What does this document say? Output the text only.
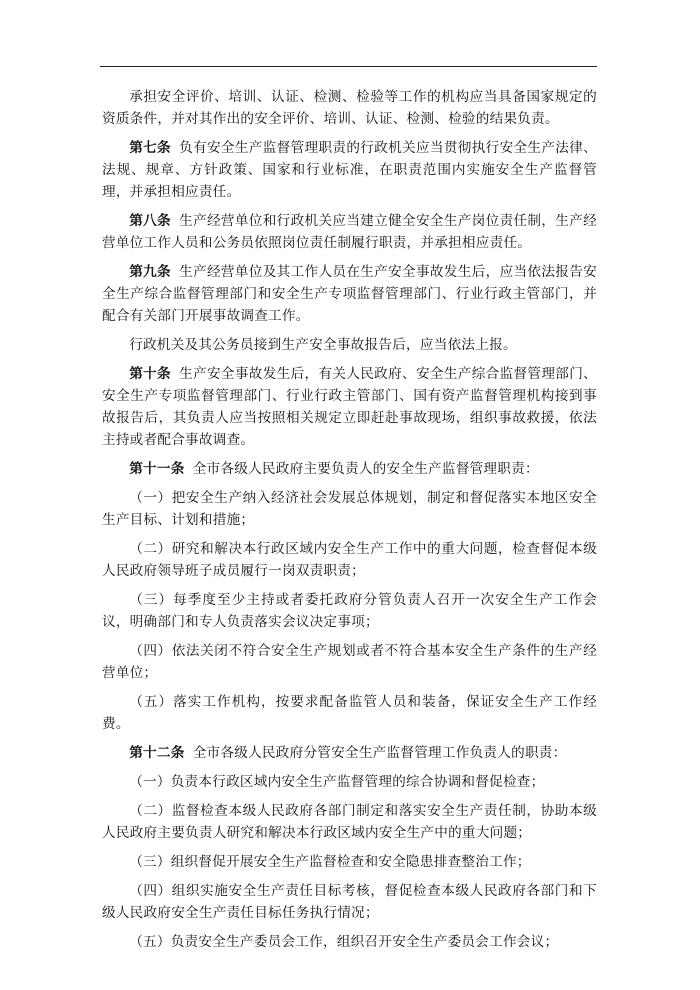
承担安全评价、培训、认证、检测、检验等工作的机构应当具备国家规定的资质条件，并对其作出的安全评价、培训、认证、检测、检验的结果负责。

第七条 负有安全生产监督管理职责的行政机关应当贯彻执行安全生产法律、法规、规章、方针政策、国家和行业标准，在职责范围内实施安全生产监督管理，并承担相应责任。

第八条 生产经营单位和行政机关应当建立健全安全生产岗位责任制，生产经营单位工作人员和公务员依照岗位责任制履行职责，并承担相应责任。

第九条 生产经营单位及其工作人员在生产安全事故发生后，应当依法报告安全生产综合监督管理部门和安全生产专项监督管理部门、行业行政主管部门，并配合有关部门开展事故调查工作。

行政机关及其公务员接到生产安全事故报告后，应当依法上报。

第十条 生产安全事故发生后，有关人民政府、安全生产综合监督管理部门、安全生产专项监督管理部门、行业行政主管部门、国有资产监督管理机构接到事故报告后，其负责人应当按照相关规定立即赶赴事故现场，组织事故救援，依法主持或者配合事故调查。

第十一条 全市各级人民政府主要负责人的安全生产监督管理职责：

（一）把安全生产纳入经济社会发展总体规划，制定和督促落实本地区安全生产目标、计划和措施；

（二）研究和解决本行政区域内安全生产工作中的重大问题，检查督促本级人民政府领导班子成员履行一岗双责职责；

（三）每季度至少主持或者委托政府分管负责人召开一次安全生产工作会议，明确部门和专人负责落实会议决定事项；

（四）依法关闭不符合安全生产规划或者不符合基本安全生产条件的生产经营单位；

（五）落实工作机构，按要求配备监管人员和装备，保证安全生产工作经费。

第十二条 全市各级人民政府分管安全生产监督管理工作负责人的职责：

（一）负责本行政区域内安全生产监督管理的综合协调和督促检查；

（二）监督检查本级人民政府各部门制定和落实安全生产责任制，协助本级人民政府主要负责人研究和解决本行政区域内安全生产中的重大问题；

（三）组织督促开展安全生产监督检查和安全隐患排查整治工作；

（四）组织实施安全生产责任目标考核，督促检查本级人民政府各部门和下级人民政府安全生产责任目标任务执行情况；

（五）负责安全生产委员会工作，组织召开安全生产委员会工作会议；
